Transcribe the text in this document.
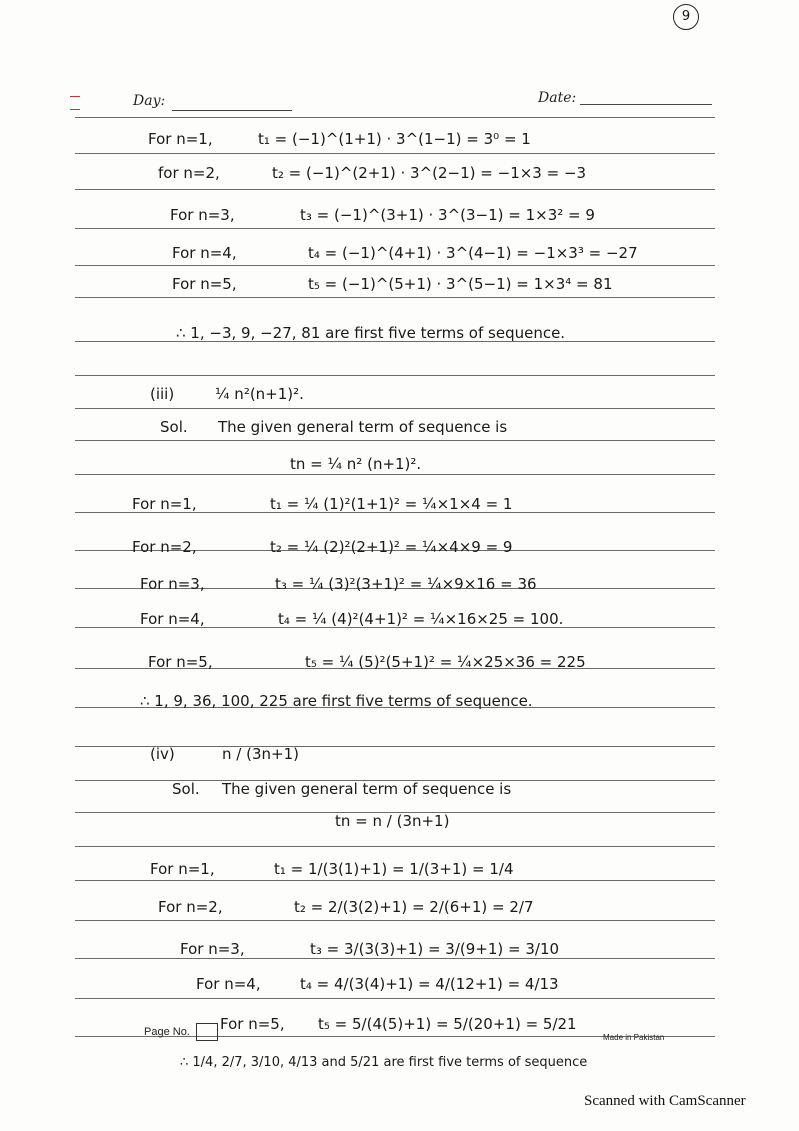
9
Day:	Date:
For n=1,	t₁ = (−1)^(1+1) · 3^(1−1) = 3⁰ = 1
for n=2,	t₂ = (−1)^(2+1) · 3^(2−1) = −1×3 = −3
For n=3,	t₃ = (−1)^(3+1) · 3^(3−1) = 1×3² = 9
For n=4,	t₄ = (−1)^(4+1) · 3^(4−1) = −1×3³ = −27
For n=5,	t₅ = (−1)^(5+1) · 3^(5−1) = 1×3⁴ = 81
∴ 1, −3, 9, −27, 81 are first five terms of sequence.
(iii)	¼ n²(n+1)².
Sol. The given general term of sequence is
tn = ¼ n² (n+1)².
For n=1,	t₁ = ¼ (1)²(1+1)² = ¼×1×4 = 1
For n=2,	t₂ = ¼ (2)²(2+1)² = ¼×4×9 = 9
For n=3,	t₃ = ¼ (3)²(3+1)² = ¼×9×16 = 36
For n=4,	t₄ = ¼ (4)²(4+1)² = ¼×16×25 = 100.
For n=5,	t₅ = ¼ (5)²(5+1)² = ¼×25×36 = 225
∴ 1, 9, 36, 100, 225 are first five terms of sequence.
(iv)	n / (3n+1)
Sol. The given general term of sequence is
tn = n / (3n+1)
For n=1,	t₁ = 1/(3(1)+1) = 1/(3+1) = 1/4
For n=2,	t₂ = 2/(3(2)+1) = 2/(6+1) = 2/7
For n=3,	t₃ = 3/(3(3)+1) = 3/(9+1) = 3/10
For n=4,	t₄ = 4/(3(4)+1) = 4/(12+1) = 4/13
For n=5, t₅ = 5/(4(5)+1) = 5/(20+1) = 5/21
∴ 1/4, 2/7, 3/10, 4/13 and 5/21 are first five terms of sequence
Page No.	Made in Pakistan
Scanned with CamScanner
